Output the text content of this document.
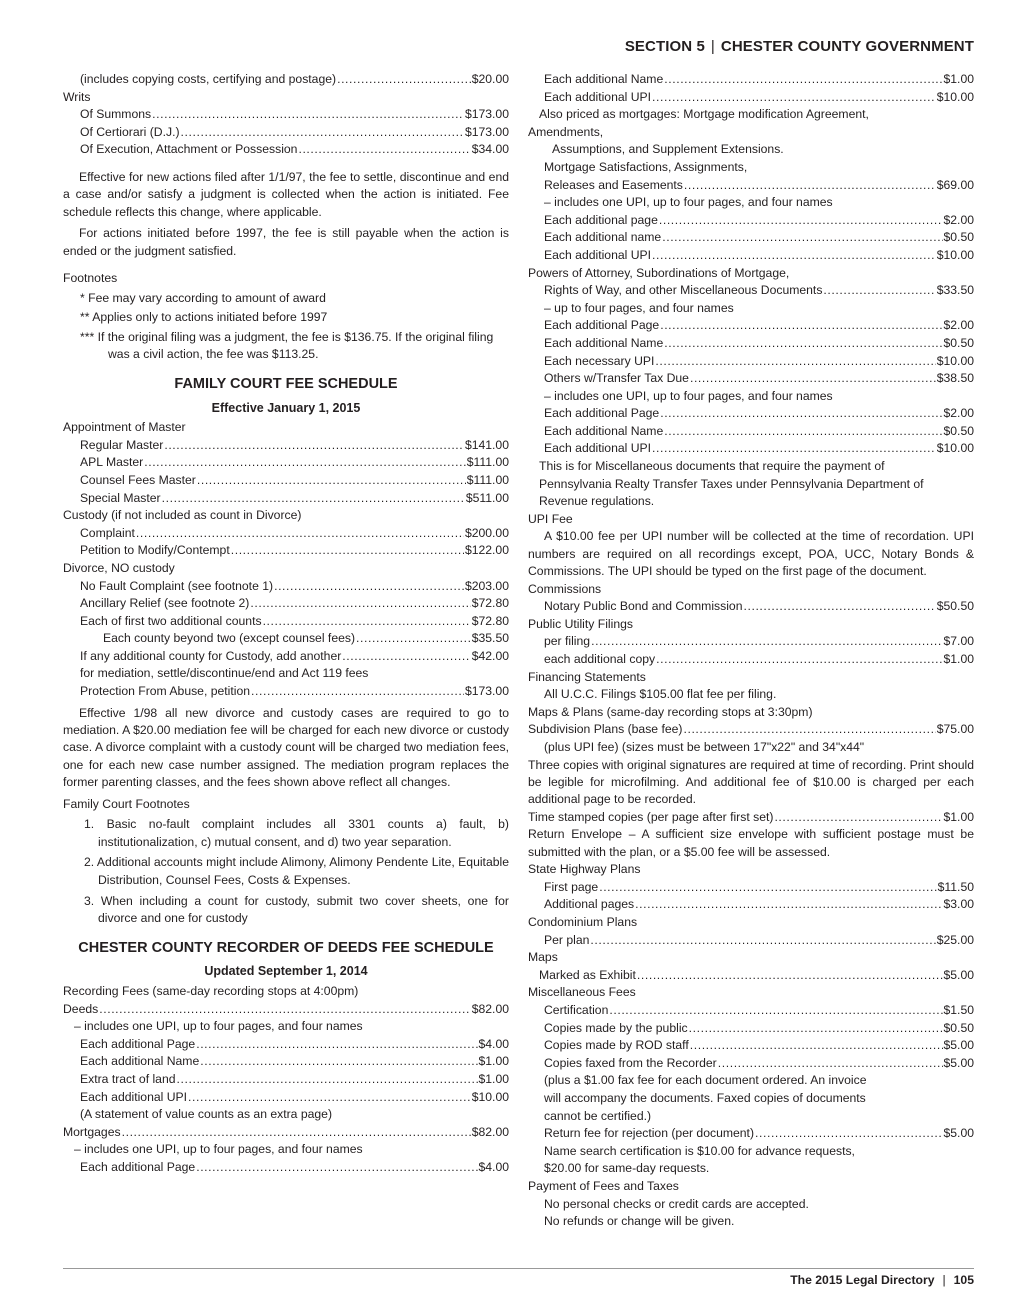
SECTION 5 | CHESTER COUNTY GOVERNMENT
(includes copying costs, certifying and postage) .....	$20.00
Writs
Of Summons .....	$173.00
Of Certiorari (D.J.) .....	$173.00
Of Execution, Attachment or Possession .....	$34.00
Effective for new actions filed after 1/1/97, the fee to settle, discontinue and end a case and/or satisfy a judgment is collected when the action is initiated. Fee schedule reflects this change, where applicable.
For actions initiated before 1997, the fee is still payable when the action is ended or the judgment satisfied.
Footnotes
* Fee may vary according to amount of award
** Applies only to actions initiated before 1997
*** If the original filing was a judgment, the fee is $136.75. If the original filing was a civil action, the fee was $113.25.
FAMILY COURT FEE SCHEDULE
Effective January 1, 2015
Appointment of Master
Regular Master .....	$141.00
APL Master .....	$111.00
Counsel Fees Master .....	$111.00
Special Master .....	$511.00
Custody (if not included as count in Divorce)
Complaint .....	$200.00
Petition to Modify/Contempt .....	$122.00
Divorce, NO custody
No Fault Complaint (see footnote 1) .....	$203.00
Ancillary Relief (see footnote 2) .....	$72.80
Each of first two additional counts .....	$72.80
Each county beyond two (except counsel fees) .....	$35.50
If any additional county for Custody, add another .....	$42.00
for mediation, settle/discontinue/end and Act 119 fees
Protection From Abuse, petition .....	$173.00
Effective 1/98 all new divorce and custody cases are required to go to mediation. A $20.00 mediation fee will be charged for each new divorce or custody case. A divorce complaint with a custody count will be charged two mediation fees, one for each new case number assigned. The mediation program replaces the former parenting classes, and the fees shown above reflect all changes.
Family Court Footnotes
1. Basic no-fault complaint includes all 3301 counts a) fault, b) institutionalization, c) mutual consent, and d) two year separation.
2. Additional accounts might include Alimony, Alimony Pendente Lite, Equitable Distribution, Counsel Fees, Costs & Expenses.
3. When including a count for custody, submit two cover sheets, one for divorce and one for custody
CHESTER COUNTY RECORDER OF DEEDS FEE SCHEDULE
Updated September 1, 2014
Recording Fees (same-day recording stops at 4:00pm)
Deeds .....	$82.00
– includes one UPI, up to four pages, and four names
Each additional Page .....	$4.00
Each additional Name .....	$1.00
Extra tract of land .....	$1.00
Each additional UPI .....	$10.00
(A statement of value counts as an extra page)
Mortgages .....	$82.00
– includes one UPI, up to four pages, and four names
Each additional Page .....	$4.00
Each additional Name .....	$1.00
Each additional UPI .....	$10.00
Also priced as mortgages: Mortgage modification Agreement,
Amendments,
Assumptions, and Supplement Extensions.
Mortgage Satisfactions, Assignments,
Releases and Easements .....	$69.00
– includes one UPI, up to four pages, and four names
Each additional page .....	$2.00
Each additional name .....	$0.50
Each additional UPI .....	$10.00
Powers of Attorney, Subordinations of Mortgage,
Rights of Way, and other Miscellaneous Documents .....	$33.50
– up to four pages, and four names
Each additional Page .....	$2.00
Each additional Name .....	$0.50
Each necessary UPI .....	$10.00
Others w/Transfer Tax Due .....	$38.50
– includes one UPI, up to four pages, and four names
Each additional Page .....	$2.00
Each additional Name .....	$0.50
Each additional UPI .....	$10.00
This is for Miscellaneous documents that require the payment of
Pennsylvania Realty Transfer Taxes under Pennsylvania Department of
Revenue regulations.
UPI Fee
A $10.00 fee per UPI number will be collected at the time of recordation. UPI numbers are required on all recordings except, POA, UCC, Notary Bonds & Commissions. The UPI should be typed on the first page of the document.
Commissions
Notary Public Bond and Commission .....	$50.50
Public Utility Filings
per filing .....	$7.00
each additional copy .....	$1.00
Financing Statements
All U.C.C. Filings $105.00 flat fee per filing.
Maps & Plans (same-day recording stops at 3:30pm)
Subdivision Plans (base fee) .....	$75.00
(plus UPI fee) (sizes must be between 17"x22" and 34"x44"
Three copies with original signatures are required at time of recording. Print should be legible for microfilming. And additional fee of $10.00 is charged per each additional page to be recorded.
Time stamped copies (per page after first set) .....	$1.00
Return Envelope – A sufficient size envelope with sufficient postage must be submitted with the plan, or a $5.00 fee will be assessed.
State Highway Plans
First page .....	$11.50
Additional pages .....	$3.00
Condominium Plans
Per plan .....	$25.00
Maps
Marked as Exhibit .....	$5.00
Miscellaneous Fees
Certification .....	$1.50
Copies made by the public .....	$0.50
Copies made by ROD staff .....	$5.00
Copies faxed from the Recorder .....	$5.00
(plus a $1.00 fax fee for each document ordered. An invoice
will accompany the documents. Faxed copies of documents
cannot be certified.)
Return fee for rejection (per document) .....	$5.00
Name search certification is $10.00 for advance requests,
$20.00 for same-day requests.
Payment of Fees and Taxes
No personal checks or credit cards are accepted.
No refunds or change will be given.
The 2015 Legal Directory | 105
